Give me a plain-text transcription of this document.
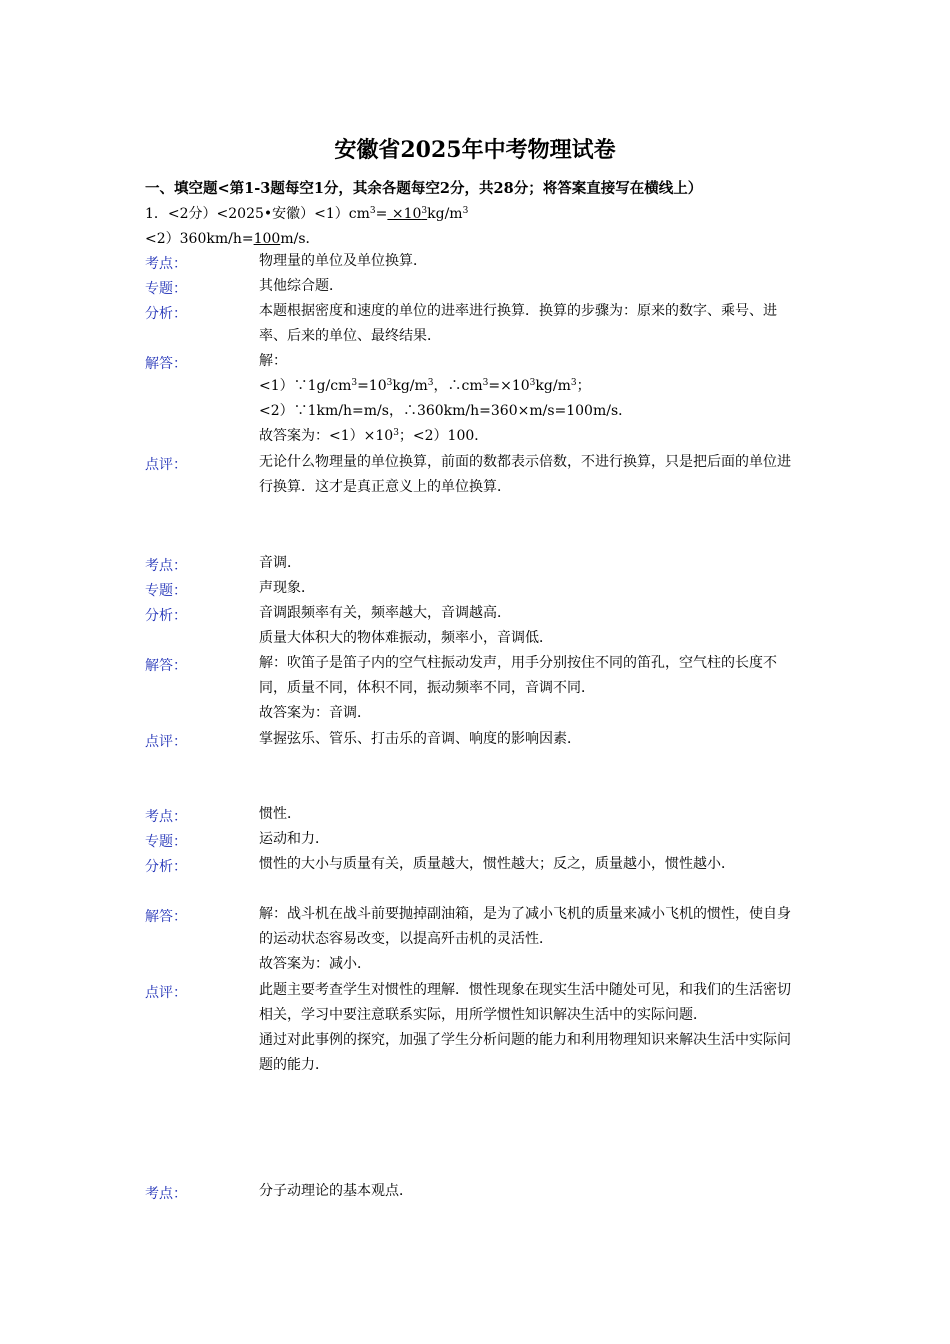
安徽省2025年中考物理试卷
一、填空题<第1-3题每空1分，其余各题每空2分，共28分；将答案直接写在横线上）
1．<2分）<2025•安徽）$<1)cm^3= \times 10^3kg/m^3$
<2）360km/h=100m/s．
考点：	物理量的单位及单位换算．
专题：	其他综合题．
分析：	本题根据密度和速度的单位的进率进行换算．换算的步骤为：原来的数字、乘号、进率、后来的单位、最终结果．
解答：	解：

$<1)\because 1g/cm^3=10^3kg/m^3$，$\therefore cm^3=\times 10^3kg/m^3$；

<2）∵1km/h=m/s，∴360km/h=360×m/s=100m/s．

故答案为：$<1)\times 10^3$；<2）100．

点评：	无论什么物理量的单位换算，前面的数都表示倍数，不进行换算，只是把后面的单位进行换算．这才是真正意义上的单位换算．
考点：	音调．
专题：	声现象．
分析：	音调跟频率有关，频率越大，音调越高．

质量大体积大的物体难振动，频率小，音调低．

解答：	解：吹笛子是笛子内的空气柱振动发声，用手分别按住不同的笛孔，空气柱的长度不同，质量不同，体积不同，振动频率不同，音调不同．

故答案为：音调．

点评：	掌握弦乐、管乐、打击乐的音调、响度的影响因素．
考点：	惯性．
专题：	运动和力．
分析：	惯性的大小与质量有关，质量越大，惯性越大；反之，质量越小，惯性越小．
解答：	解：战斗机在战斗前要抛掉副油箱，是为了减小飞机的质量来减小飞机的惯性，使自身的运动状态容易改变，以提高歼击机的灵活性．

故答案为：减小．

点评：	此题主要考查学生对惯性的理解．惯性现象在现实生活中随处可见，和我们的生活密切相关，学习中要注意联系实际，用所学惯性知识解决生活中的实际问题．

通过对此事例的探究，加强了学生分析问题的能力和利用物理知识来解决生活中实际问题的能力．

考点：	分子动理论的基本观点．
